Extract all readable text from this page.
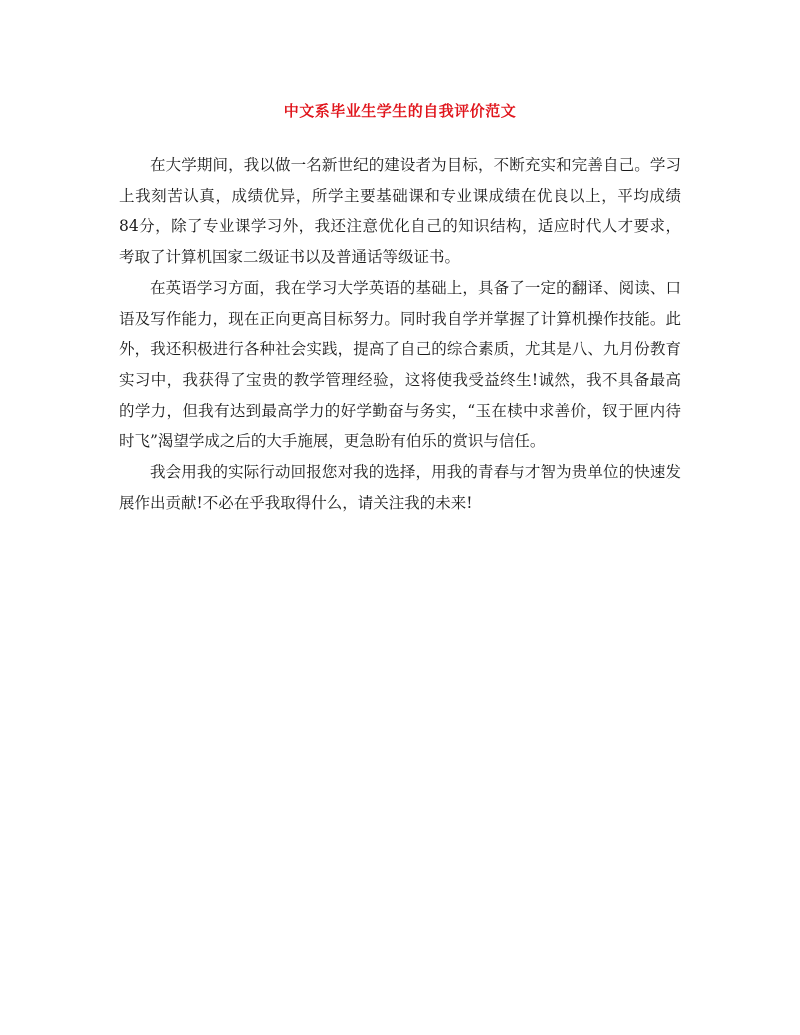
中文系毕业生学生的自我评价范文

在大学期间，我以做一名新世纪的建设者为目标，不断充实和完善自己。学习上我刻苦认真，成绩优异，所学主要基础课和专业课成绩在优良以上，平均成绩84分，除了专业课学习外，我还注意优化自己的知识结构，适应时代人才要求，考取了计算机国家二级证书以及普通话等级证书。

在英语学习方面，我在学习大学英语的基础上，具备了一定的翻译、阅读、口语及写作能力，现在正向更高目标努力。同时我自学并掌握了计算机操作技能。此外，我还积极进行各种社会实践，提高了自己的综合素质，尤其是八、九月份教育实习中，我获得了宝贵的教学管理经验，这将使我受益终生!诚然，我不具备最高的学力，但我有达到最高学力的好学勤奋与务实，“玉在椟中求善价，钗于匣内待时飞”渴望学成之后的大手施展，更急盼有伯乐的赏识与信任。

我会用我的实际行动回报您对我的选择，用我的青春与才智为贵单位的快速发展作出贡献!不必在乎我取得什么，请关注我的未来!
